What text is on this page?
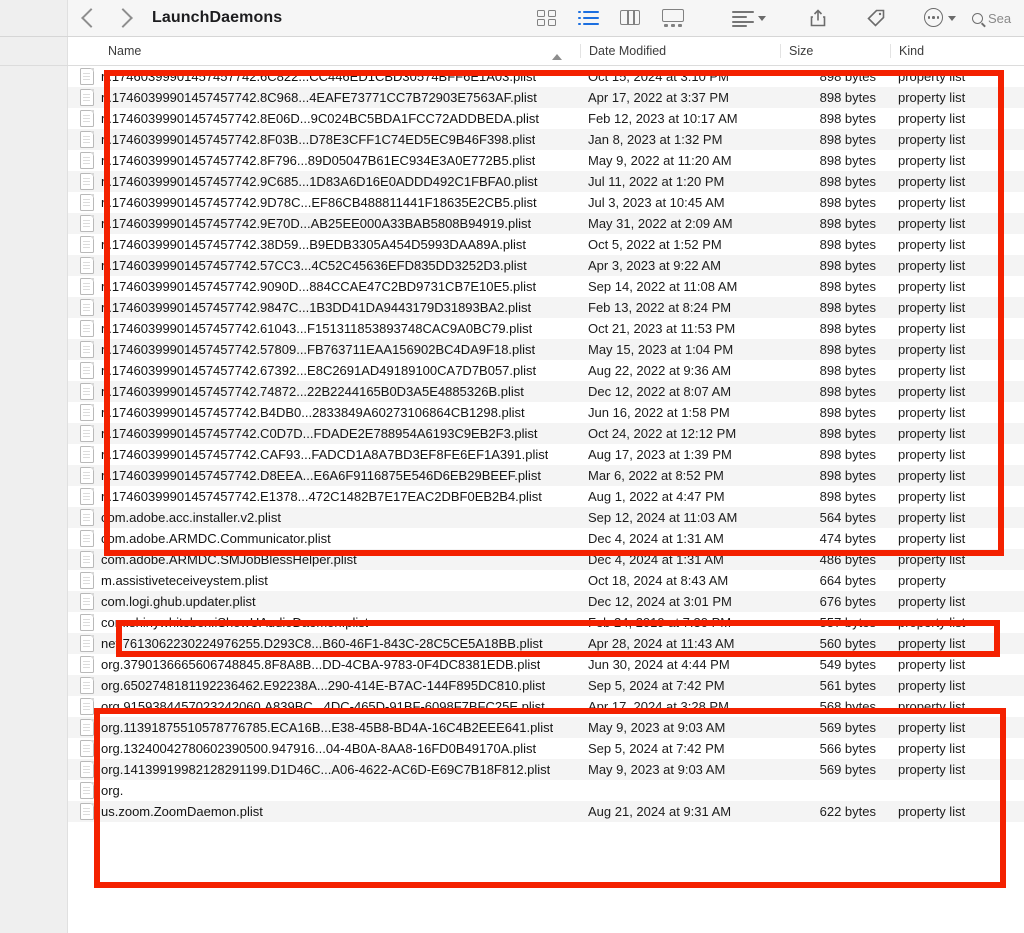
LaunchDaemons	Sea
Name	Date Modified	Size	Kind
n.17460399901457457742.6C822...CC446ED1CBD30574BFF6E1A03.plist	Oct 15, 2024 at 3:10 PM	898 bytes	property list
n.17460399901457457742.8C968...4EAFE73771CC7B72903E7563AF.plist	Apr 17, 2022 at 3:37 PM	898 bytes	property list
n.17460399901457457742.8E06D...9C024BC5BDA1FCC72ADDBEDA.plist	Feb 12, 2023 at 10:17 AM	898 bytes	property list
n.17460399901457457742.8F03B...D78E3CFF1C74ED5EC9B46F398.plist	Jan 8, 2023 at 1:32 PM	898 bytes	property list
n.17460399901457457742.8F796...89D05047B61EC934E3A0E772B5.plist	May 9, 2022 at 11:20 AM	898 bytes	property list
n.17460399901457457742.9C685...1D83A6D16E0ADDD492C1FBFA0.plist	Jul 11, 2022 at 1:20 PM	898 bytes	property list
n.17460399901457457742.9D78C...EF86CB488811441F18635E2CB5.plist	Jul 3, 2023 at 10:45 AM	898 bytes	property list
n.17460399901457457742.9E70D...AB25EE000A33BAB5808B94919.plist	May 31, 2022 at 2:09 AM	898 bytes	property list
n.17460399901457457742.38D59...B9EDB3305A454D5993DAA89A.plist	Oct 5, 2022 at 1:52 PM	898 bytes	property list
n.17460399901457457742.57CC3...4C52C45636EFD835DD3252D3.plist	Apr 3, 2023 at 9:22 AM	898 bytes	property list
n.17460399901457457742.9090D...884CCAE47C2BD9731CB7E10E5.plist	Sep 14, 2022 at 11:08 AM	898 bytes	property list
n.17460399901457457742.9847C...1B3DD41DA9443179D31893BA2.plist	Feb 13, 2022 at 8:24 PM	898 bytes	property list
n.17460399901457457742.61043...F151311853893748CAC9A0BC79.plist	Oct 21, 2023 at 11:53 PM	898 bytes	property list
n.17460399901457457742.57809...FB763711EAA156902BC4DA9F18.plist	May 15, 2023 at 1:04 PM	898 bytes	property list
n.17460399901457457742.67392...E8C2691AD49189100CA7D7B057.plist	Aug 22, 2022 at 9:36 AM	898 bytes	property list
n.17460399901457457742.74872...22B2244165B0D3A5E4885326B.plist	Dec 12, 2022 at 8:07 AM	898 bytes	property list
n.17460399901457457742.B4DB0...2833849A60273106864CB1298.plist	Jun 16, 2022 at 1:58 PM	898 bytes	property list
n.17460399901457457742.C0D7D...FDADE2E788954A6193C9EB2F3.plist	Oct 24, 2022 at 12:12 PM	898 bytes	property list
n.17460399901457457742.CAF93...FADCD1A8A7BD3EF8FE6EF1A391.plist	Aug 17, 2023 at 1:39 PM	898 bytes	property list
n.17460399901457457742.D8EEA...E6A6F9116875E546D6EB29BEEF.plist	Mar 6, 2022 at 8:52 PM	898 bytes	property list
n.17460399901457457742.E1378...472C1482B7E17EAC2DBF0EB2B4.plist	Aug 1, 2022 at 4:47 PM	898 bytes	property list
com.adobe.acc.installer.v2.plist	Sep 12, 2024 at 11:03 AM	564 bytes	property list
com.adobe.ARMDC.Communicator.plist	Dec 4, 2024 at 1:31 AM	474 bytes	property list
com.adobe.ARMDC.SMJobBlessHelper.plist	Dec 4, 2024 at 1:31 AM	486 bytes	property list
m.assistiveteceiveystem.plist	Oct 18, 2024 at 8:43 AM	664 bytes	property
com.logi.ghub.updater.plist	Dec 12, 2024 at 3:01 PM	676 bytes	property list
com.shinywhitebox.iShowUAudioDaemon.plist	Feb 24, 2019 at 7:30 PM	557 bytes	property list
net.7613062230224976255.D293C8...B60-46F1-843C-28C5CE5A18BB.plist	Apr 28, 2024 at 11:43 AM	560 bytes	property list
org.3790136665606748845.8F8A8B...DD-4CBA-9783-0F4DC8381EDB.plist	Jun 30, 2024 at 4:44 PM	549 bytes	property list
org.6502748181192236462.E92238A...290-414E-B7AC-144F895DC810.plist	Sep 5, 2024 at 7:42 PM	561 bytes	property list
org.9159384457023242060.A839BC...4DC-465D-91BF-6098F7BFC25E.plist	Apr 17, 2024 at 3:28 PM	568 bytes	property list
org.11391875510578776785.ECA16B...E38-45B8-BD4A-16C4B2EEE641.plist	May 9, 2023 at 9:03 AM	569 bytes	property list
org.13240042780602390500.947916...04-4B0A-8AA8-16FD0B49170A.plist	Sep 5, 2024 at 7:42 PM	566 bytes	property list
org.14139919982128291199.D1D46C...A06-4622-AC6D-E69C7B18F812.plist	May 9, 2023 at 9:03 AM	569 bytes	property list
org.
us.zoom.ZoomDaemon.plist	Aug 21, 2024 at 9:31 AM	622 bytes	property list
